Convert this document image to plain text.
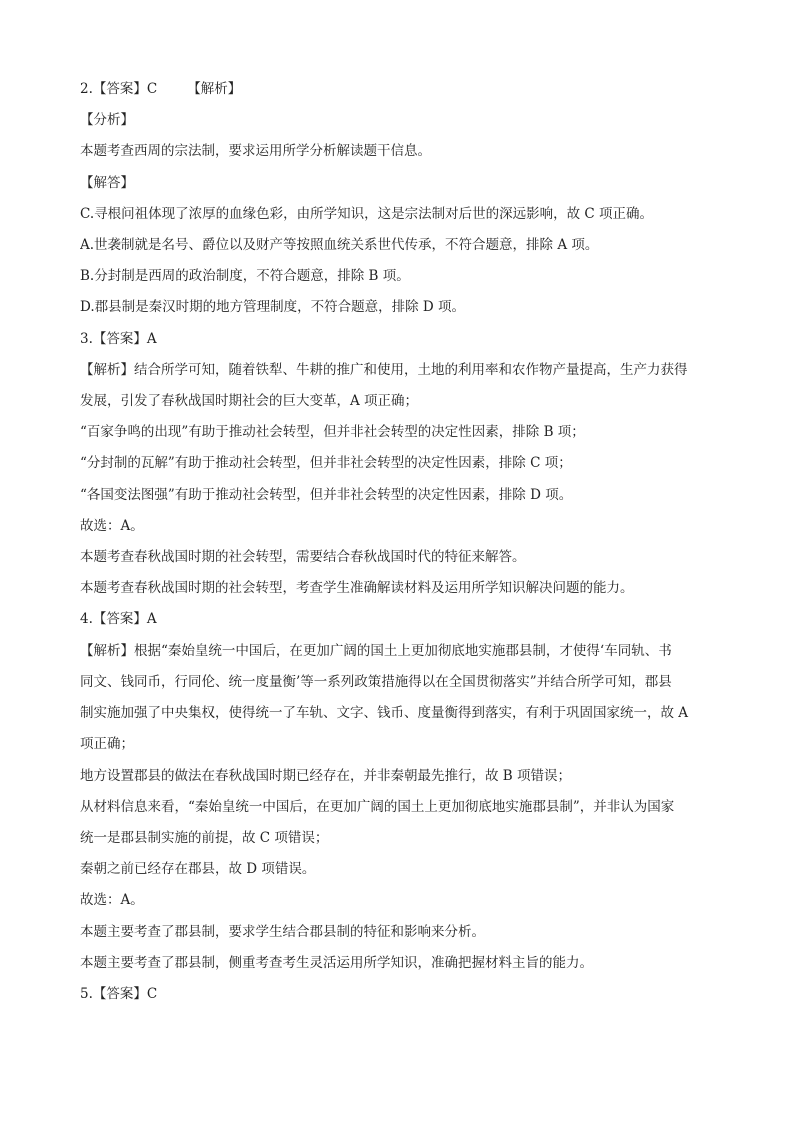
2.【答案】C 【解析】
【分析】
本题考查西周的宗法制，要求运用所学分析解读题干信息。
【解答】
C.寻根问祖体现了浓厚的血缘色彩，由所学知识，这是宗法制对后世的深远影响，故 C 项正确。
A.世袭制就是名号、爵位以及财产等按照血统关系世代传承，不符合题意，排除 A 项。
B.分封制是西周的政治制度，不符合题意，排除 B 项。
D.郡县制是秦汉时期的地方管理制度，不符合题意，排除 D 项。
3.【答案】A
【解析】结合所学可知，随着铁犁、牛耕的推广和使用，土地的利用率和农作物产量提高，生产力获得
发展，引发了春秋战国时期社会的巨大变革，A 项正确；
“百家争鸣的出现”有助于推动社会转型，但并非社会转型的决定性因素，排除 B 项；
“分封制的瓦解”有助于推动社会转型，但并非社会转型的决定性因素，排除 C 项；
“各国变法图强”有助于推动社会转型，但并非社会转型的决定性因素，排除 D 项。
故选：A。
本题考查春秋战国时期的社会转型，需要结合春秋战国时代的特征来解答。
本题考查春秋战国时期的社会转型，考查学生准确解读材料及运用所学知识解决问题的能力。
4.【答案】A
【解析】根据“秦始皇统一中国后，在更加广阔的国土上更加彻底地实施郡县制，才使得‘车同轨、书
同文、钱同币，行同伦、统一度量衡’等一系列政策措施得以在全国贯彻落实”并结合所学可知，郡县
制实施加强了中央集权，使得统一了车轨、文字、钱币、度量衡得到落实，有利于巩固国家统一，故 A
项正确；
地方设置郡县的做法在春秋战国时期已经存在，并非秦朝最先推行，故 B 项错误；
从材料信息来看，“秦始皇统一中国后，在更加广阔的国土上更加彻底地实施郡县制”，并非认为国家
统一是郡县制实施的前提，故 C 项错误；
秦朝之前已经存在郡县，故 D 项错误。
故选：A。
本题主要考查了郡县制，要求学生结合郡县制的特征和影响来分析。
本题主要考查了郡县制，侧重考查考生灵活运用所学知识，准确把握材料主旨的能力。
5.【答案】C
